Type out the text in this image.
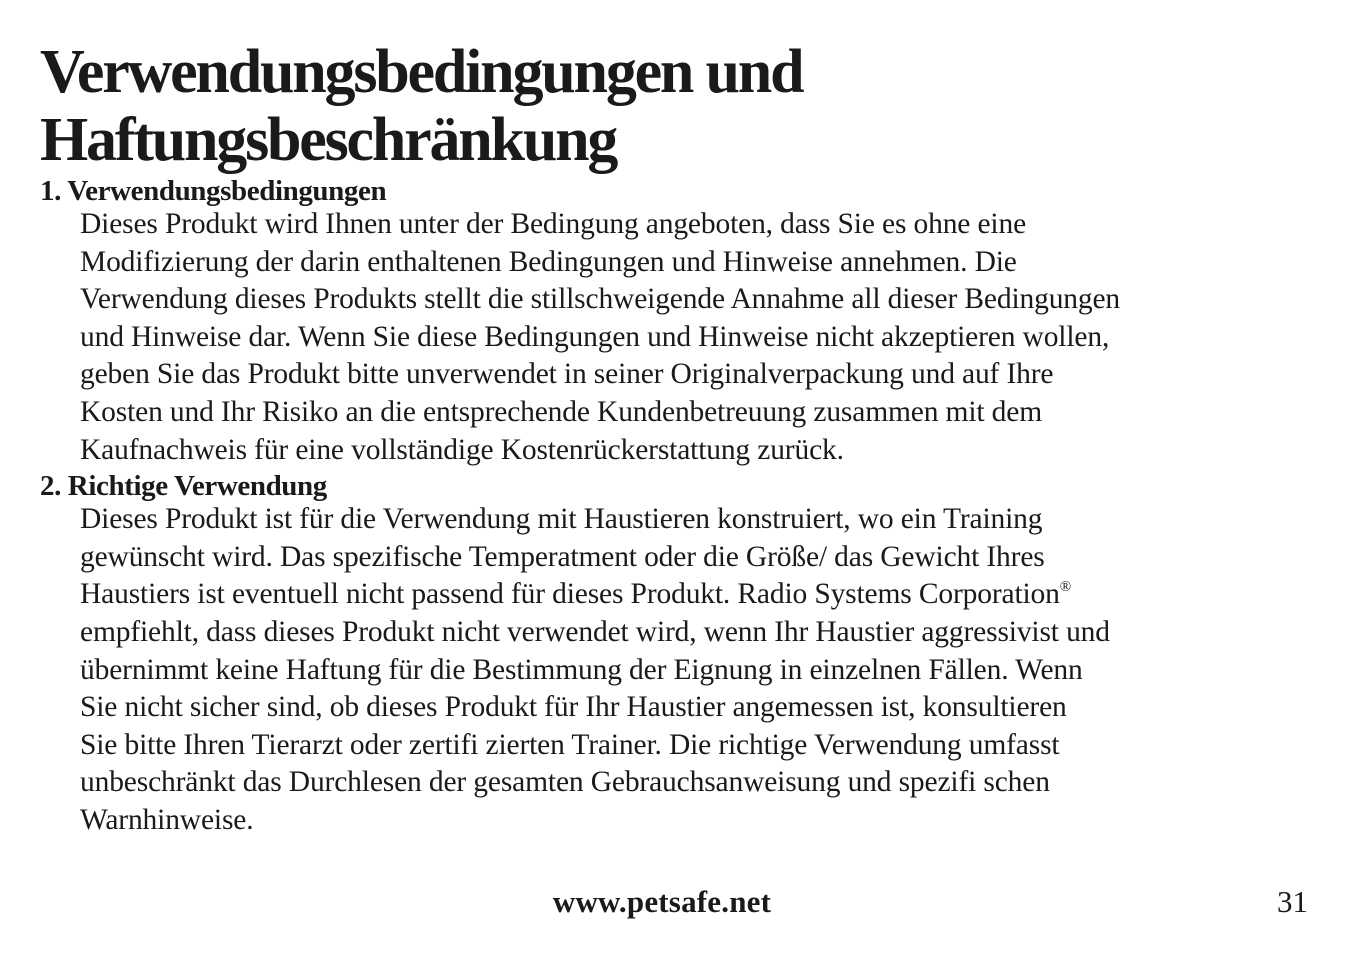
Verwendungsbedingungen und
Haftungsbeschränkung
1. Verwendungsbedingungen
Dieses Produkt wird Ihnen unter der Bedingung angeboten, dass Sie es ohne eine
Modifizierung der darin enthaltenen Bedingungen und Hinweise annehmen. Die
Verwendung dieses Produkts stellt die stillschweigende Annahme all dieser Bedingungen
und Hinweise dar. Wenn Sie diese Bedingungen und Hinweise nicht akzeptieren wollen,
geben Sie das Produkt bitte unverwendet in seiner Originalverpackung und auf Ihre
Kosten und Ihr Risiko an die entsprechende Kundenbetreuung zusammen mit dem
Kaufnachweis für eine vollständige Kostenrückerstattung zurück.
2. Richtige Verwendung
Dieses Produkt ist für die Verwendung mit Haustieren konstruiert, wo ein Training
gewünscht wird. Das spezifische Temperatment oder die Größe/ das Gewicht Ihres
Haustiers ist eventuell nicht passend für dieses Produkt. Radio Systems Corporation®
empfiehlt, dass dieses Produkt nicht verwendet wird, wenn Ihr Haustier aggressivist und
übernimmt keine Haftung für die Bestimmung der Eignung in einzelnen Fällen. Wenn
Sie nicht sicher sind, ob dieses Produkt für Ihr Haustier angemessen ist, konsultieren
Sie bitte Ihren Tierarzt oder zertifi zierten Trainer. Die richtige Verwendung umfasst
unbeschränkt das Durchlesen der gesamten Gebrauchsanweisung und spezifi schen
Warnhinweise.
www.petsafe.net	31
